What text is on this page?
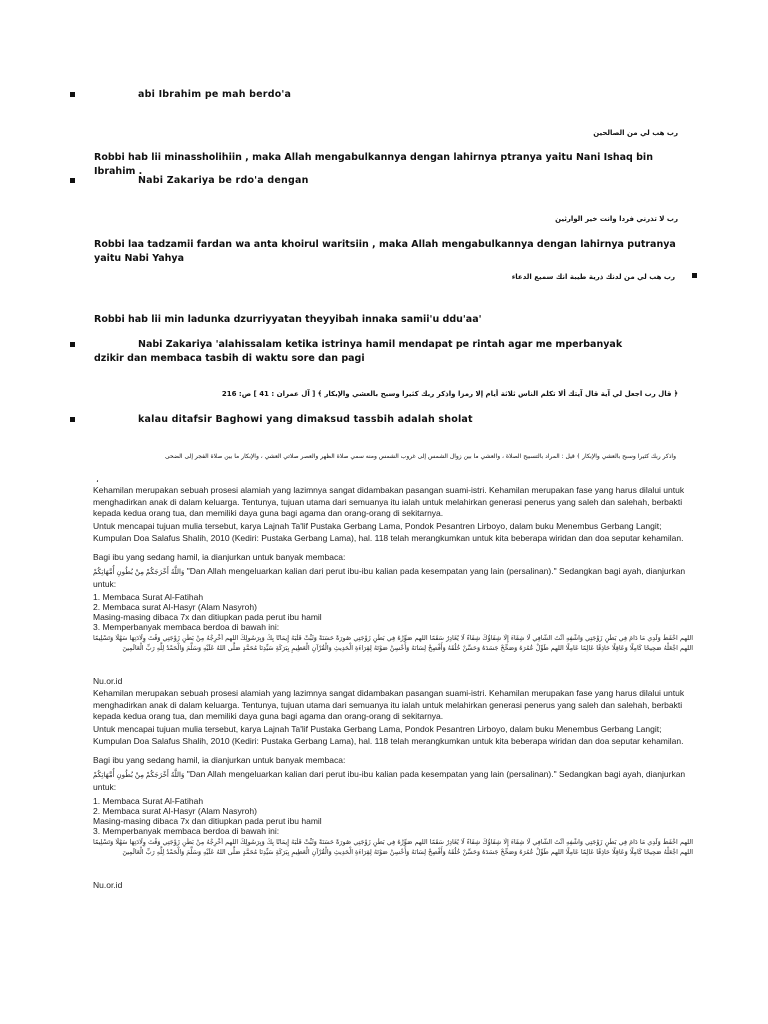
abi Ibrahim pe mah berdo'a
رب هب لي من الصالحين
Robbi hab lii minassholihiin , maka Allah mengabulkannya dengan lahirnya ptranya yaitu Nani Ishaq bin Ibrahim .
Nabi Zakariya be rdo'a dengan
رب لا تذرني فردا وانت خير الوارثين
Robbi laa tadzamii fardan wa anta khoirul waritsiin , maka Allah mengabulkannya dengan lahirnya putranya yaitu Nabi Yahya
رب هب لي من لدنك ذرية طيبة انك سميع الدعاء
Robbi hab lii min ladunka dzurriyyatan theyyibah innaka samii'u ddu'aa'
Nabi Zakariya 'alahissalam ketika istrinya hamil mendapat pe rintah agar me mperbanyak dzikir dan membaca tasbih di waktu sore dan pagi
﴿ قال رب اجعل لي آية قال آيتك ألا تكلم الناس ثلاثة أيام إلا رمزا واذكر ربك كثيرا وسبح بالعشي والإبكار ﴾ [ آل عمران : 41 ] ص: 216
kalau ditafsir Baghowi yang dimaksud tassbih adalah sholat
واذكر ربك كثيرا وسبح بالعشي والإبكار ﴾ قيل : المراد بالتسبيح الصلاة ، والعشي ما بين زوال الشمس إلى غروب الشمس ومنه سمي صلاة الظهر والعصر صلاتي العشي ، والإبكار ما بين صلاة الفجر إلى الضحى
،
Kehamilan merupakan sebuah prosesi alamiah yang lazimnya sangat didambakan pasangan suami-istri. Kehamilan merupakan fase yang harus dilalui untuk menghadirkan anak di dalam keluarga. Tentunya, tujuan utama dari semuanya itu ialah untuk melahirkan generasi penerus yang saleh dan salehah, berbakti kepada kedua orang tua, dan memiliki daya guna bagi agama dan orang-orang di sekitarnya.
Untuk mencapai tujuan mulia tersebut, karya Lajnah Ta'lif Pustaka Gerbang Lama, Pondok Pesantren Lirboyo, dalam buku Menembus Gerbang Langit; Kumpulan Doa Salafus Shalih, 2010 (Kediri: Pustaka Gerbang Lama), hal. 118 telah merangkumkan untuk kita beberapa wiridan dan doa seputar kehamilan.
Bagi ibu yang sedang hamil, ia dianjurkan untuk banyak membaca:
وَاللَّهُ أَخْرَجَكُمْ مِنْ بُطُونِ أُمَّهَاتِكُمْ "Dan Allah mengeluarkan kalian dari perut ibu-ibu kalian pada kesempatan yang lain (persalinan)." Sedangkan bagi ayah, dianjurkan untuk:
1. Membaca Surat Al-Fatihah
2. Membaca surat Al-Hasyr (Alam Nasyroh)
Masing-masing dibaca 7x dan ditiupkan pada perut ibu hamil
3. Memperbanyak membaca berdoa di bawah ini:
اللهم احْفَظْ وَلَدِي مَا دَامَ فِي بَطْنِ زَوْجَتِي وَاشْفِهِ أَنْتَ الشَّافِي لَا شِفَاءَ إِلَّا شِفَاؤُكَ شِفَاءً لَا يُغَادِرُ سَقَمًا اللهم صَوِّرْهُ فِي بَطْنِ زَوْجَتِي صُورَةً حَسَنَةً وَثَبِّتْ قَلْبَهُ إِيمَانًا بِكَ وَبِرَسُولِكَ اللهم أَخْرِجْهُ مِنْ بَطْنِ زَوْجَتِي وَقْتَ وِلَادَتِهَا سَهْلًا وَتَسْلِيمًا اللهم اجْعَلْهُ صَحِيحًا كَامِلًا وَعَاقِلًا حَاذِقًا عَالِمًا عَامِلًا اللهم طَوِّلْ عُمُرَهُ وَصَحِّحْ جَسَدَهُ وَحَسِّنْ خُلُقَهُ وَأَفْصِحْ لِسَانَهُ وَأَحْسِنْ صَوْتَهُ لِقِرَاءَةِ الْحَدِيثِ وَالْقُرْآنِ الْعَظِيمِ بِبَرَكَةِ سَيِّدِنَا مُحَمَّدٍ صَلَّى اللهُ عَلَيْهِ وَسَلَّمَ وَالْحَمْدُ لِلَّهِ رَبِّ الْعَالَمِينَ
Nu.or.id
Kehamilan merupakan sebuah prosesi alamiah yang lazimnya sangat didambakan pasangan suami-istri. Kehamilan merupakan fase yang harus dilalui untuk menghadirkan anak di dalam keluarga. Tentunya, tujuan utama dari semuanya itu ialah untuk melahirkan generasi penerus yang saleh dan salehah, berbakti kepada kedua orang tua, dan memiliki daya guna bagi agama dan orang-orang di sekitarnya.
Untuk mencapai tujuan mulia tersebut, karya Lajnah Ta'lif Pustaka Gerbang Lama, Pondok Pesantren Lirboyo, dalam buku Menembus Gerbang Langit; Kumpulan Doa Salafus Shalih, 2010 (Kediri: Pustaka Gerbang Lama), hal. 118 telah merangkumkan untuk kita beberapa wiridan dan doa seputar kehamilan.
Bagi ibu yang sedang hamil, ia dianjurkan untuk banyak membaca:
وَاللَّهُ أَخْرَجَكُمْ مِنْ بُطُونِ أُمَّهَاتِكُمْ "Dan Allah mengeluarkan kalian dari perut ibu-ibu kalian pada kesempatan yang lain (persalinan)." Sedangkan bagi ayah, dianjurkan untuk:
1. Membaca Surat Al-Fatihah
2. Membaca surat Al-Hasyr (Alam Nasyroh)
Masing-masing dibaca 7x dan ditiupkan pada perut ibu hamil
3. Memperbanyak membaca berdoa di bawah ini:
اللهم احْفَظْ وَلَدِي مَا دَامَ فِي بَطْنِ زَوْجَتِي وَاشْفِهِ أَنْتَ الشَّافِي لَا شِفَاءَ إِلَّا شِفَاؤُكَ شِفَاءً لَا يُغَادِرُ سَقَمًا اللهم صَوِّرْهُ فِي بَطْنِ زَوْجَتِي صُورَةً حَسَنَةً وَثَبِّتْ قَلْبَهُ إِيمَانًا بِكَ وَبِرَسُولِكَ اللهم أَخْرِجْهُ مِنْ بَطْنِ زَوْجَتِي وَقْتَ وِلَادَتِهَا سَهْلًا وَتَسْلِيمًا اللهم اجْعَلْهُ صَحِيحًا كَامِلًا وَعَاقِلًا حَاذِقًا عَالِمًا عَامِلًا اللهم طَوِّلْ عُمُرَهُ وَصَحِّحْ جَسَدَهُ وَحَسِّنْ خُلُقَهُ وَأَفْصِحْ لِسَانَهُ وَأَحْسِنْ صَوْتَهُ لِقِرَاءَةِ الْحَدِيثِ وَالْقُرْآنِ الْعَظِيمِ بِبَرَكَةِ سَيِّدِنَا مُحَمَّدٍ صَلَّى اللهُ عَلَيْهِ وَسَلَّمَ وَالْحَمْدُ لِلَّهِ رَبِّ الْعَالَمِينَ
Nu.or.id
